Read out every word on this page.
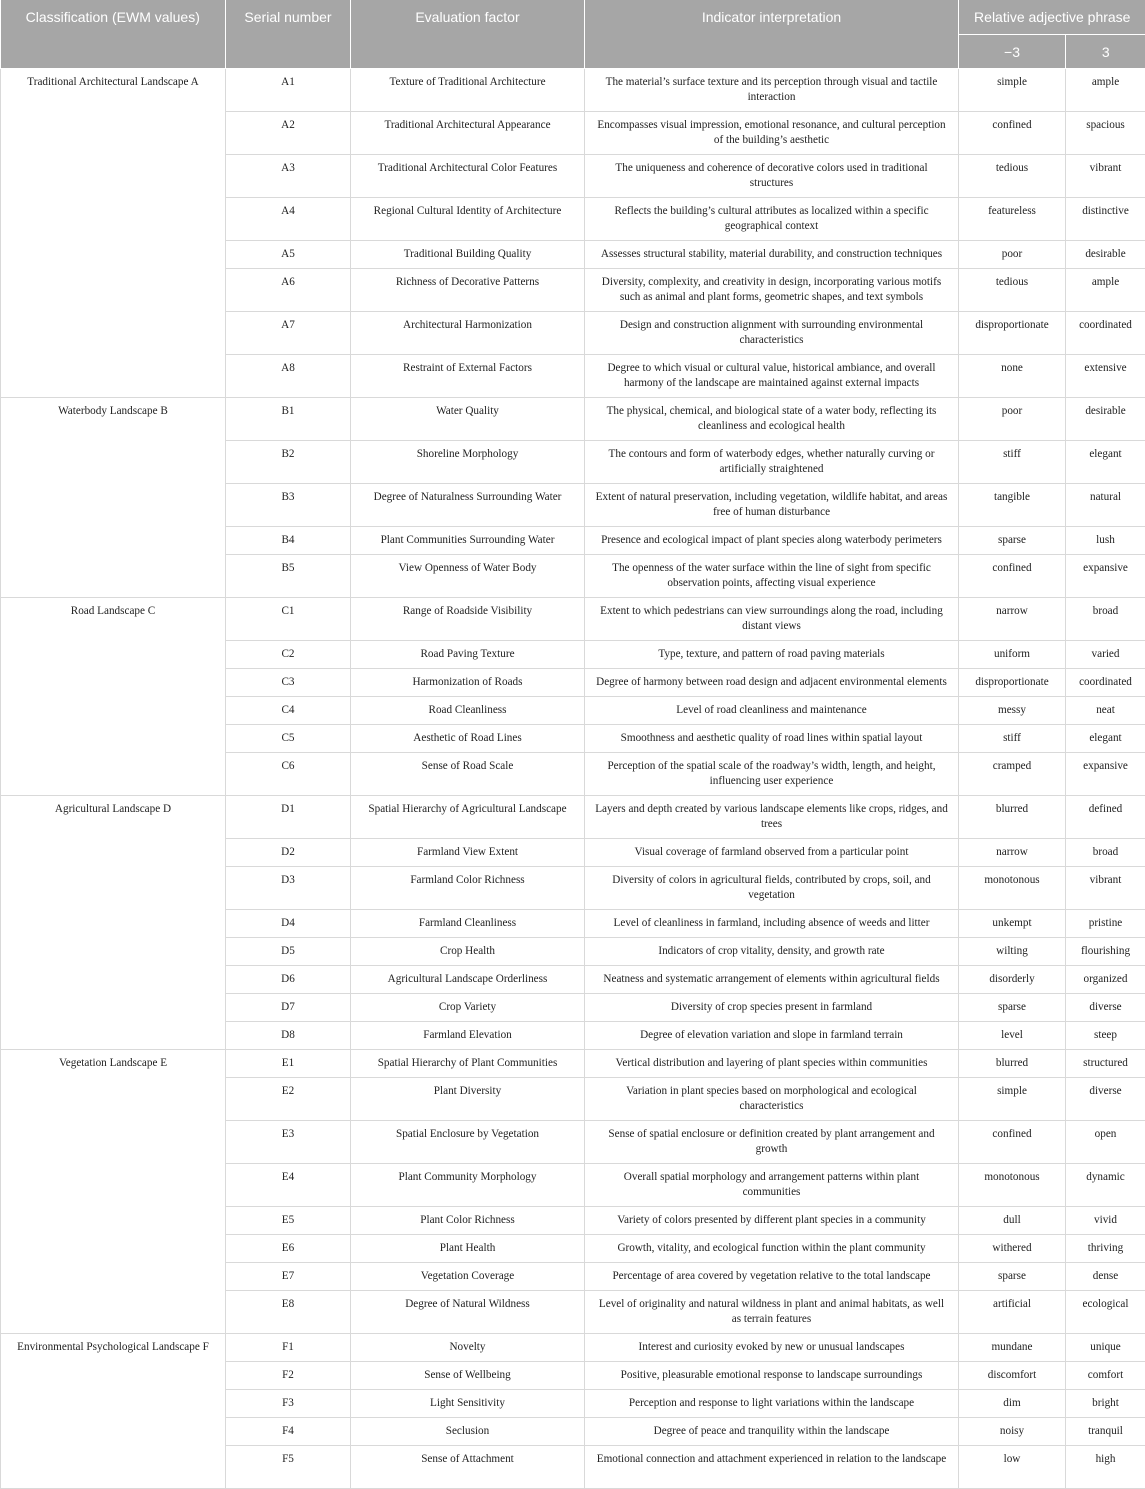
Classification (EWM values)	Serial number	Evaluation factor	Indicator interpretation	Relative adjective phrase	
				−3	3
Traditional Architectural Landscape A	A1	Texture of Traditional Architecture	The material’s surface texture and its perception through visual and tactile interaction	simple	ample
	A2	Traditional Architectural Appearance	Encompasses visual impression, emotional resonance, and cultural perception of the building’s aesthetic	confined	spacious
	A3	Traditional Architectural Color Features	The uniqueness and coherence of decorative colors used in traditional structures	tedious	vibrant
	A4	Regional Cultural Identity of Architecture	Reflects the building’s cultural attributes as localized within a specific geographical context	featureless	distinctive
	A5	Traditional Building Quality	Assesses structural stability, material durability, and construction techniques	poor	desirable
	A6	Richness of Decorative Patterns	Diversity, complexity, and creativity in design, incorporating various motifs such as animal and plant forms, geometric shapes, and text symbols	tedious	ample
	A7	Architectural Harmonization	Design and construction alignment with surrounding environmental characteristics	disproportionate	coordinated
	A8	Restraint of External Factors	Degree to which visual or cultural value, historical ambiance, and overall harmony of the landscape are maintained against external impacts	none	extensive
Waterbody Landscape B	B1	Water Quality	The physical, chemical, and biological state of a water body, reflecting its cleanliness and ecological health	poor	desirable
	B2	Shoreline Morphology	The contours and form of waterbody edges, whether naturally curving or artificially straightened	stiff	elegant
	B3	Degree of Naturalness Surrounding Water	Extent of natural preservation, including vegetation, wildlife habitat, and areas free of human disturbance	tangible	natural
	B4	Plant Communities Surrounding Water	Presence and ecological impact of plant species along waterbody perimeters	sparse	lush
	B5	View Openness of Water Body	The openness of the water surface within the line of sight from specific observation points, affecting visual experience	confined	expansive
Road Landscape C	C1	Range of Roadside Visibility	Extent to which pedestrians can view surroundings along the road, including distant views	narrow	broad
	C2	Road Paving Texture	Type, texture, and pattern of road paving materials	uniform	varied
	C3	Harmonization of Roads	Degree of harmony between road design and adjacent environmental elements	disproportionate	coordinated
	C4	Road Cleanliness	Level of road cleanliness and maintenance	messy	neat
	C5	Aesthetic of Road Lines	Smoothness and aesthetic quality of road lines within spatial layout	stiff	elegant
	C6	Sense of Road Scale	Perception of the spatial scale of the roadway’s width, length, and height, influencing user experience	cramped	expansive
Agricultural Landscape D	D1	Spatial Hierarchy of Agricultural Landscape	Layers and depth created by various landscape elements like crops, ridges, and trees	blurred	defined
	D2	Farmland View Extent	Visual coverage of farmland observed from a particular point	narrow	broad
	D3	Farmland Color Richness	Diversity of colors in agricultural fields, contributed by crops, soil, and vegetation	monotonous	vibrant
	D4	Farmland Cleanliness	Level of cleanliness in farmland, including absence of weeds and litter	unkempt	pristine
	D5	Crop Health	Indicators of crop vitality, density, and growth rate	wilting	flourishing
	D6	Agricultural Landscape Orderliness	Neatness and systematic arrangement of elements within agricultural fields	disorderly	organized
	D7	Crop Variety	Diversity of crop species present in farmland	sparse	diverse
	D8	Farmland Elevation	Degree of elevation variation and slope in farmland terrain	level	steep
Vegetation Landscape E	E1	Spatial Hierarchy of Plant Communities	Vertical distribution and layering of plant species within communities	blurred	structured
	E2	Plant Diversity	Variation in plant species based on morphological and ecological characteristics	simple	diverse
	E3	Spatial Enclosure by Vegetation	Sense of spatial enclosure or definition created by plant arrangement and growth	confined	open
	E4	Plant Community Morphology	Overall spatial morphology and arrangement patterns within plant communities	monotonous	dynamic
	E5	Plant Color Richness	Variety of colors presented by different plant species in a community	dull	vivid
	E6	Plant Health	Growth, vitality, and ecological function within the plant community	withered	thriving
	E7	Vegetation Coverage	Percentage of area covered by vegetation relative to the total landscape	sparse	dense
	E8	Degree of Natural Wildness	Level of originality and natural wildness in plant and animal habitats, as well as terrain features	artificial	ecological
Environmental Psychological Landscape F	F1	Novelty	Interest and curiosity evoked by new or unusual landscapes	mundane	unique
	F2	Sense of Wellbeing	Positive, pleasurable emotional response to landscape surroundings	discomfort	comfort
	F3	Light Sensitivity	Perception and response to light variations within the landscape	dim	bright
	F4	Seclusion	Degree of peace and tranquility within the landscape	noisy	tranquil
	F5	Sense of Attachment	Emotional connection and attachment experienced in relation to the landscape	low	high
